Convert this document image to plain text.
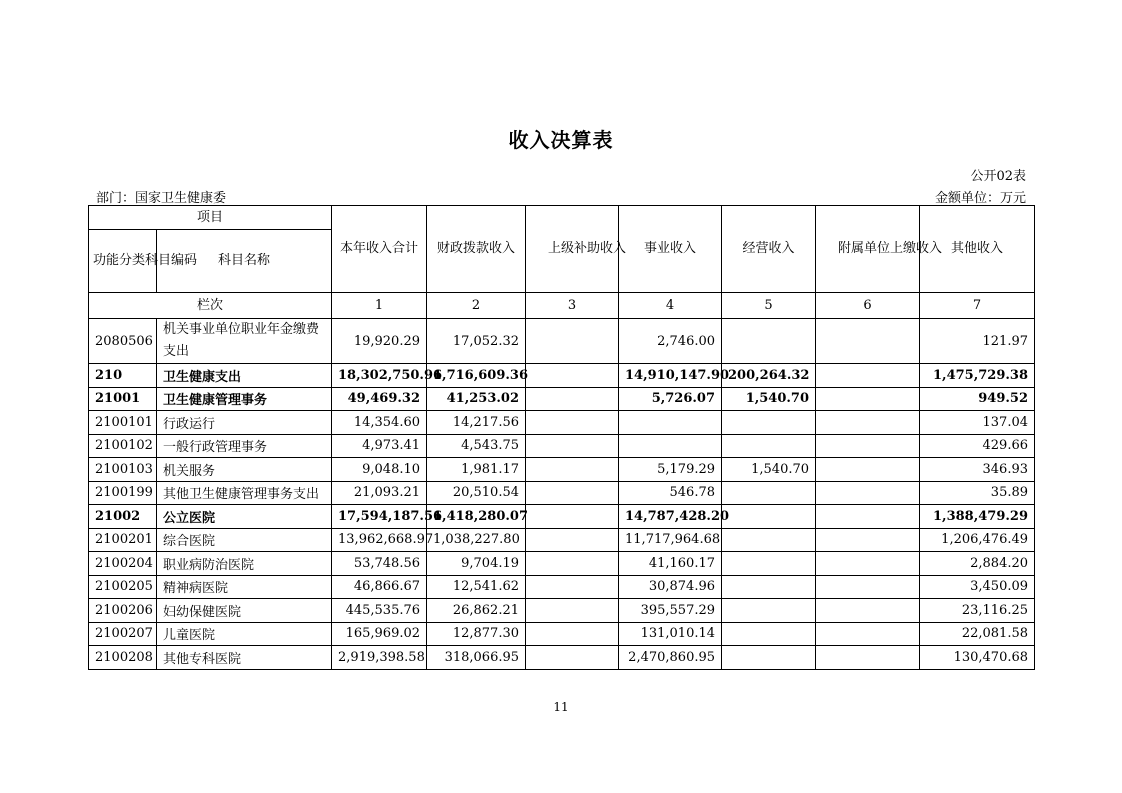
收入决算表
公开02表
部门：国家卫生健康委	金额单位：万元
项目		本年收入合计	财政拨款收入	上级补助收入	事业收入	经营收入	附属单位上缴收入	其他收入
功能分类科目编码	科目名称							
栏次		1	2	3	4	5	6	7
2080506	机关事业单位职业年金缴费支出	19,920.29	17,052.32		2,746.00			121.97
210	卫生健康支出	18,302,750.96	1,716,609.36		14,910,147.90	200,264.32		1,475,729.38
21001	卫生健康管理事务	49,469.32	41,253.02		5,726.07	1,540.70		949.52
2100101	行政运行	14,354.60	14,217.56					137.04
2100102	一般行政管理事务	4,973.41	4,543.75					429.66
2100103	机关服务	9,048.10	1,981.17		5,179.29	1,540.70		346.93
2100199	其他卫生健康管理事务支出	21,093.21	20,510.54		546.78			35.89
21002	公立医院	17,594,187.56	1,418,280.07		14,787,428.20			1,388,479.29
2100201	综合医院	13,962,668.97	1,038,227.80		11,717,964.68			1,206,476.49
2100204	职业病防治医院	53,748.56	9,704.19		41,160.17			2,884.20
2100205	精神病医院	46,866.67	12,541.62		30,874.96			3,450.09
2100206	妇幼保健医院	445,535.76	26,862.21		395,557.29			23,116.25
2100207	儿童医院	165,969.02	12,877.30		131,010.14			22,081.58
2100208	其他专科医院	2,919,398.58	318,066.95		2,470,860.95			130,470.68
11
